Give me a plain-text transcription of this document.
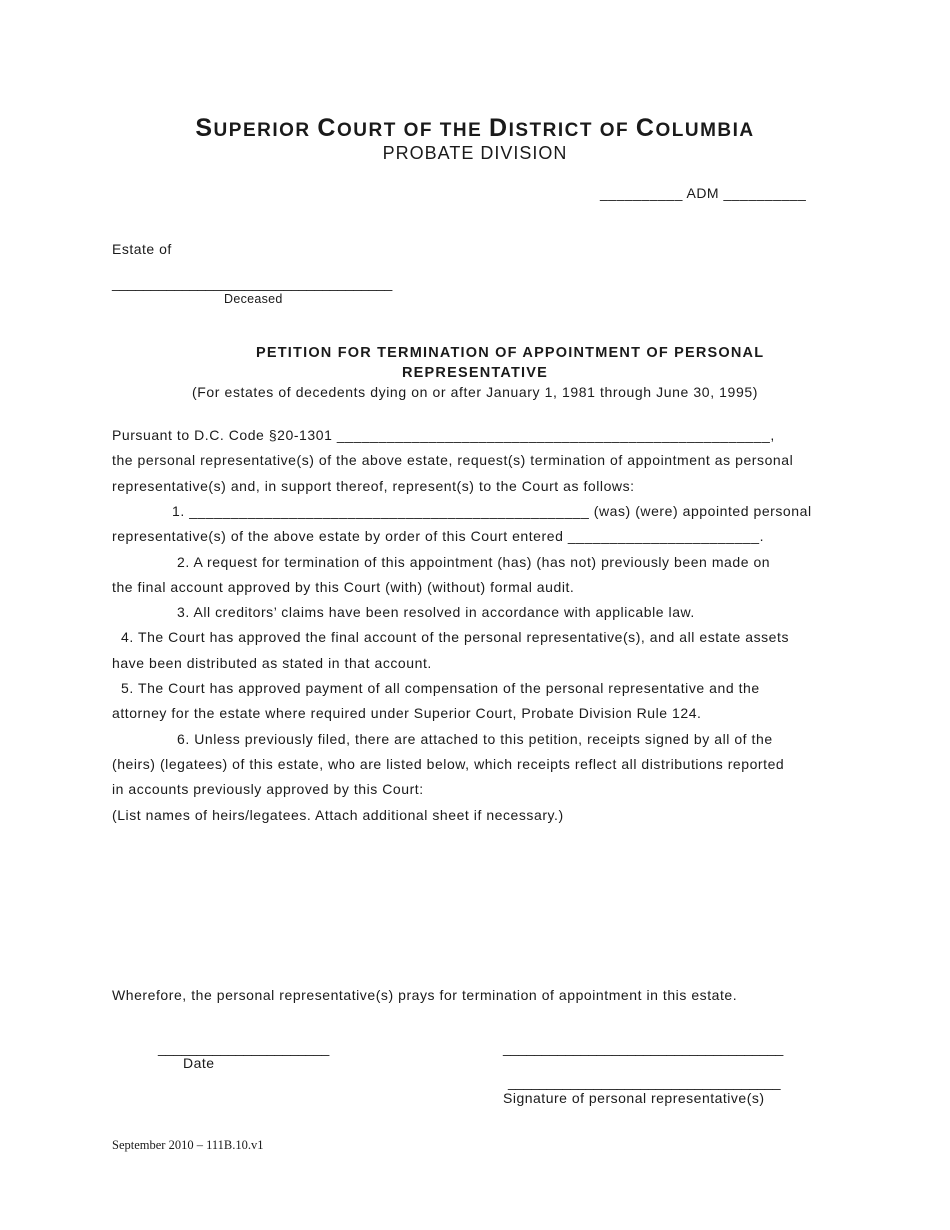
SUPERIOR COURT OF THE DISTRICT OF COLUMBIA
PROBATE DIVISION
__________ ADM __________
Estate of
____________________________________
Deceased
PETITION FOR TERMINATION OF APPOINTMENT OF PERSONAL
REPRESENTATIVE
(For estates of decedents dying on or after January 1, 1981 through June 30, 1995)
Pursuant to D.C. Code §20-1301 ____________________________________________________,
the personal representative(s) of the above estate, request(s) termination of appointment as personal
representative(s) and, in support thereof, represent(s) to the Court as follows:
1. ________________________________________________ (was) (were) appointed personal
representative(s) of the above estate by order of this Court entered _______________________.
2. A request for termination of this appointment (has) (has not) previously been made on
the final account approved by this Court (with) (without) formal audit.
3. All creditors’ claims have been resolved in accordance with applicable law.
4. The Court has approved the final account of the personal representative(s), and all estate assets
have been distributed as stated in that account.
5. The Court has approved payment of all compensation of the personal representative and the
attorney for the estate where required under Superior Court, Probate Division Rule 124.
6. Unless previously filed, there are attached to this petition, receipts signed by all of the
(heirs) (legatees) of this estate, who are listed below, which receipts reflect all distributions reported
in accounts previously approved by this Court:
(List names of heirs/legatees. Attach additional sheet if necessary.)
Wherefore, the personal representative(s) prays for termination of appointment in this estate.
______________________
Date
____________________________________
___________________________________
Signature of personal representative(s)
September 2010 – 111B.10.v1
